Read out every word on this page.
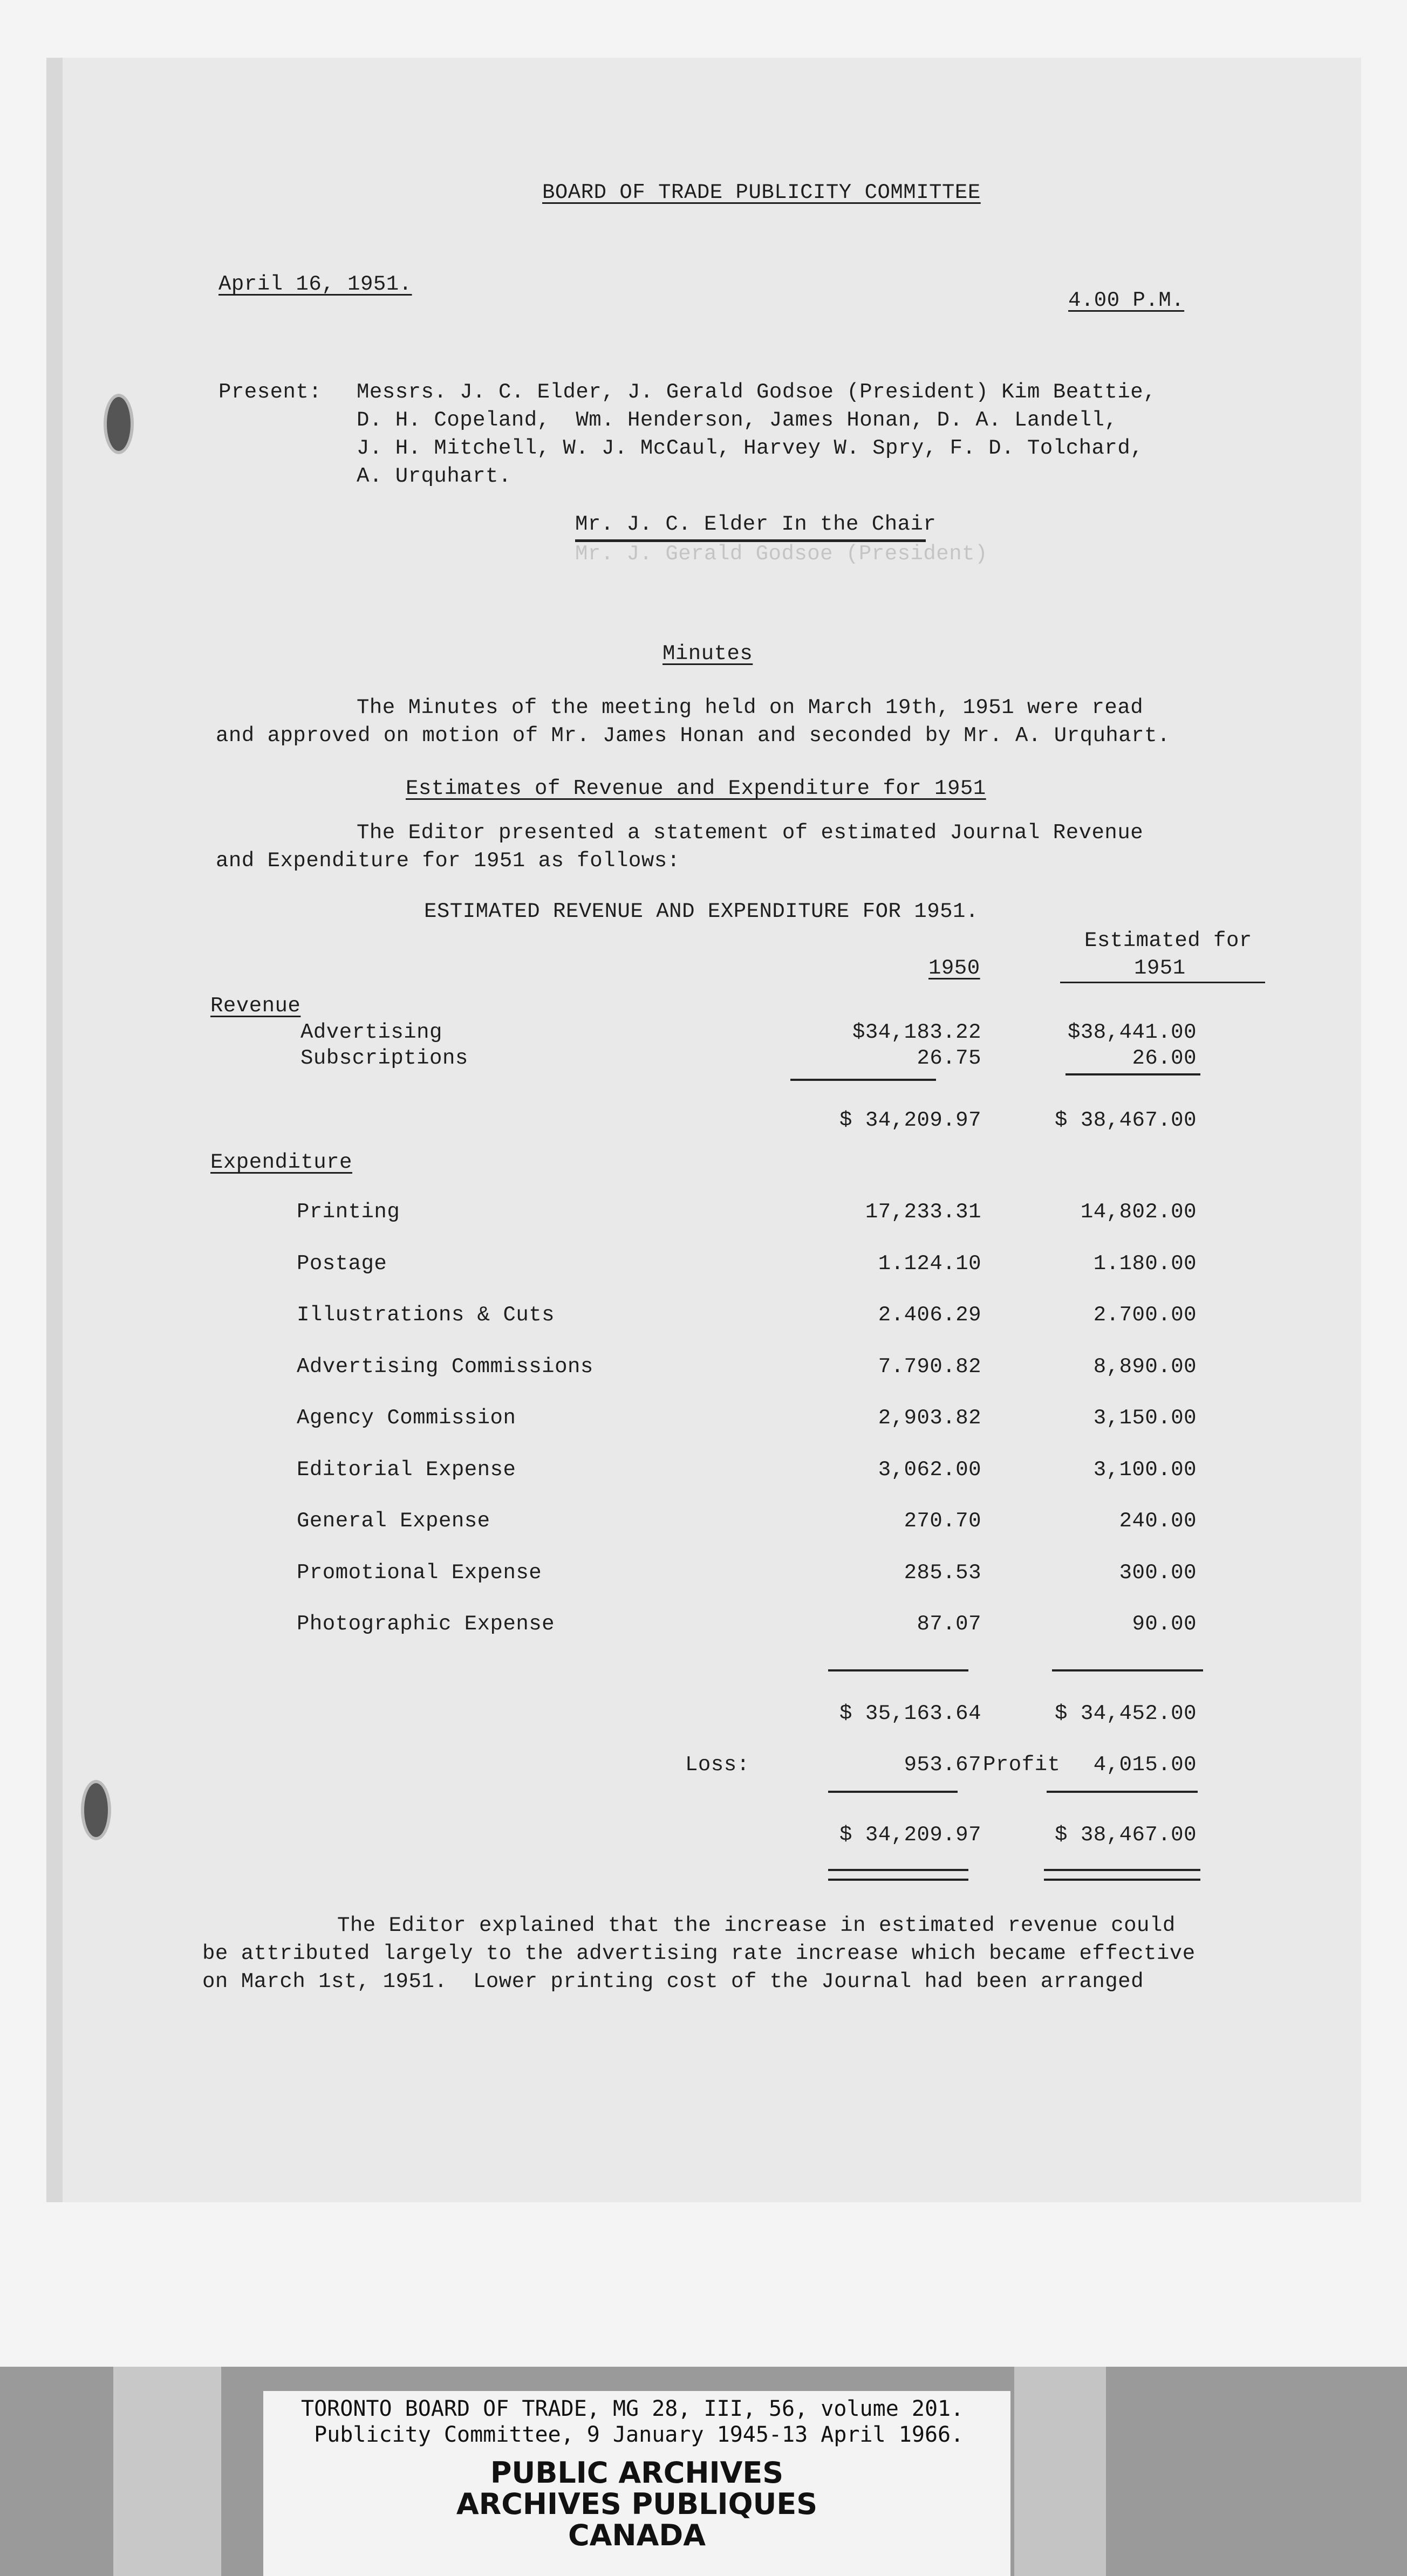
BOARD OF TRADE PUBLICITY COMMITTEE
April 16, 1951.
4.00 P.M.
Present: Messrs. J. C. Elder, J. Gerald Godsoe (President) Kim Beattie,
D. H. Copeland,  Wm. Henderson, James Honan, D. A. Landell,
J. H. Mitchell, W. J. McCaul, Harvey W. Spry, F. D. Tolchard,
A. Urquhart.
Mr. J. C. Elder In the Chair
Mr. J. Gerald Godsoe (President)
Minutes
The Minutes of the meeting held on March 19th, 1951 were read
and approved on motion of Mr. James Honan and seconded by Mr. A. Urquhart.
Estimates of Revenue and Expenditure for 1951
The Editor presented a statement of estimated Journal Revenue
and Expenditure for 1951 as follows:
ESTIMATED REVENUE AND EXPENDITURE FOR 1951.
Estimated for
1950	1951
Revenue
Advertising	$34,183.22	$38,441.00
Subscriptions	26.75	26.00
$ 34,209.97	$ 38,467.00
Printing	17,233.31	14,802.00
Postage	1.124.10	1.180.00
Illustrations & Cuts	2.406.29	2.700.00
Advertising Commissions	7.790.82	8,890.00
Agency Commission	2,903.82	3,150.00
Editorial Expense	3,062.00	3,100.00
General Expense	270.70	240.00
Promotional Expense	285.53	300.00
Photographic Expense	87.07	90.00
Expenditure
$ 35,163.64	$ 34,452.00
Loss:	953.67 Profit 4,015.00
$ 34,209.97	$ 38,467.00
The Editor explained that the increase in estimated revenue could
be attributed largely to the advertising rate increase which became effective
on March 1st, 1951.  Lower printing cost of the Journal had been arranged
TORONTO BOARD OF TRADE, MG 28, III, 56, volume 201.
Publicity Committee, 9 January 1945-13 April 1966.
PUBLIC ARCHIVES
ARCHIVES PUBLIQUES
CANADA
